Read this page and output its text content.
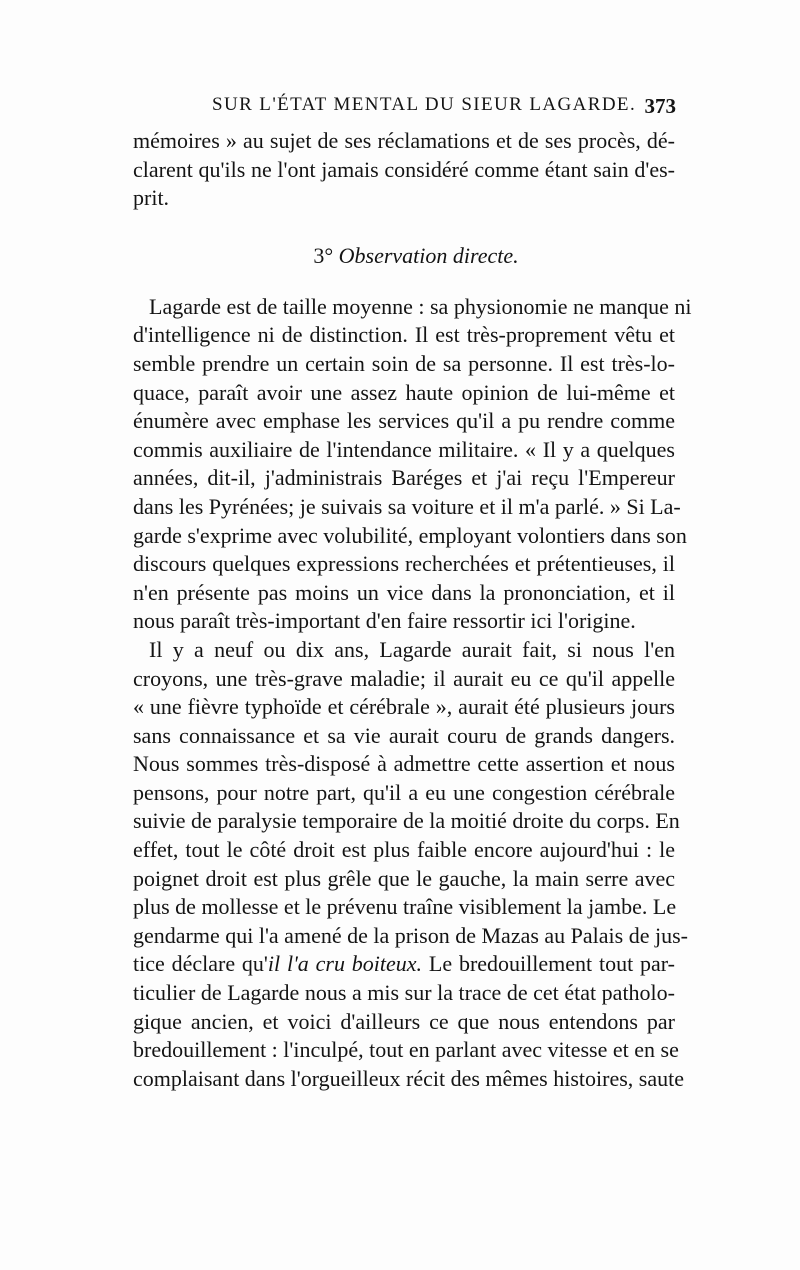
SUR L'ÉTAT MENTAL DU SIEUR LAGARDE. 373
mémoires » au sujet de ses réclamations et de ses procès, dé-
clarent qu'ils ne l'ont jamais considéré comme étant sain d'es-
prit.
3° Observation directe.
Lagarde est de taille moyenne : sa physionomie ne manque ni
d'intelligence ni de distinction. Il est très-proprement vêtu et
semble prendre un certain soin de sa personne. Il est très-lo-
quace, paraît avoir une assez haute opinion de lui-même et
énumère avec emphase les services qu'il a pu rendre comme
commis auxiliaire de l'intendance militaire. « Il y a quelques
années, dit-il, j'administrais Baréges et j'ai reçu l'Empereur
dans les Pyrénées; je suivais sa voiture et il m'a parlé. » Si La-
garde s'exprime avec volubilité, employant volontiers dans son
discours quelques expressions recherchées et prétentieuses, il
n'en présente pas moins un vice dans la prononciation, et il
nous paraît très-important d'en faire ressortir ici l'origine.
Il y a neuf ou dix ans, Lagarde aurait fait, si nous l'en
croyons, une très-grave maladie; il aurait eu ce qu'il appelle
« une fièvre typhoïde et cérébrale », aurait été plusieurs jours
sans connaissance et sa vie aurait couru de grands dangers.
Nous sommes très-disposé à admettre cette assertion et nous
pensons, pour notre part, qu'il a eu une congestion cérébrale
suivie de paralysie temporaire de la moitié droite du corps. En
effet, tout le côté droit est plus faible encore aujourd'hui : le
poignet droit est plus grêle que le gauche, la main serre avec
plus de mollesse et le prévenu traîne visiblement la jambe. Le
gendarme qui l'a amené de la prison de Mazas au Palais de jus-
tice déclare qu'il l'a cru boiteux. Le bredouillement tout par-
ticulier de Lagarde nous a mis sur la trace de cet état patholo-
gique ancien, et voici d'ailleurs ce que nous entendons par
bredouillement : l'inculpé, tout en parlant avec vitesse et en se
complaisant dans l'orgueilleux récit des mêmes histoires, saute
